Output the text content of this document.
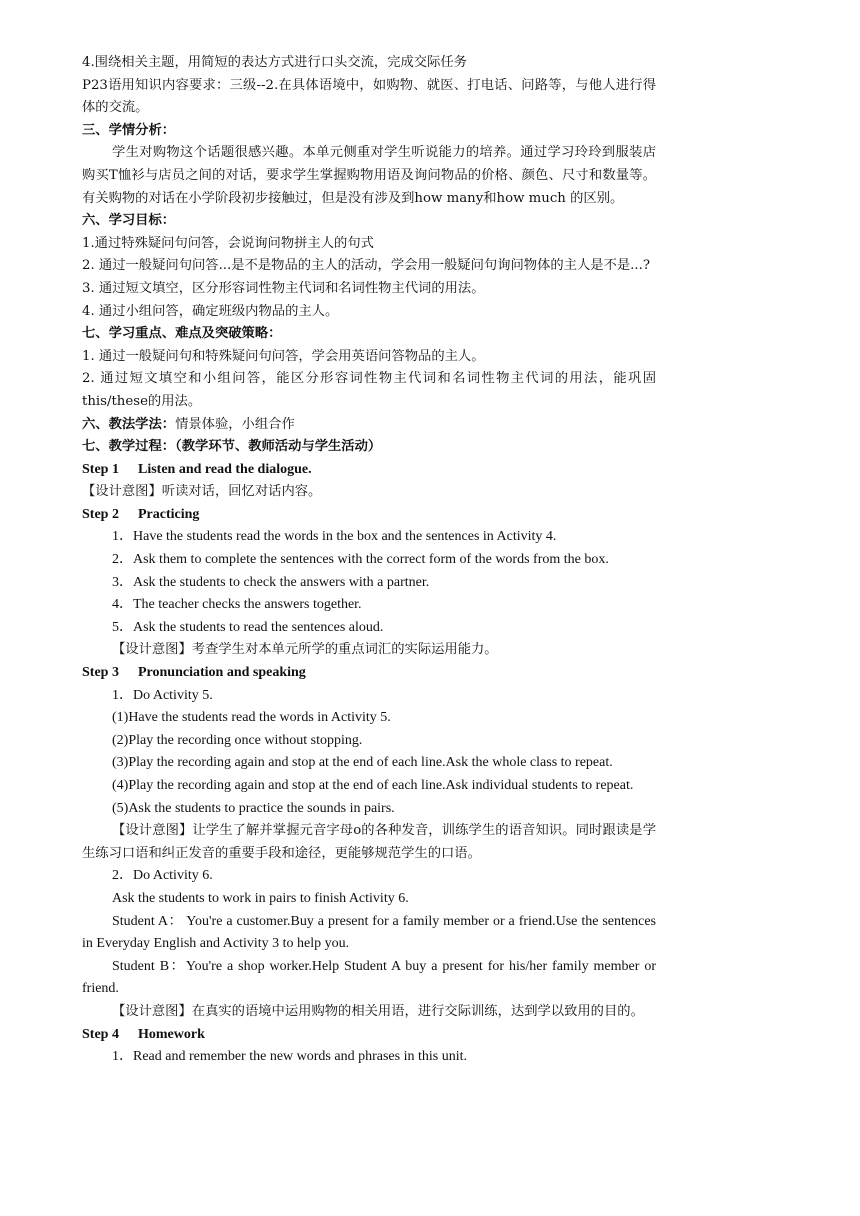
4.围绕相关主题，用简短的表达方式进行口头交流，完成交际任务

P23语用知识内容要求：三级--2.在具体语境中，如购物、就医、打电话、问路等，与他人进行得体的交流。

三、学情分析：

学生对购物这个话题很感兴趣。本单元侧重对学生听说能力的培养。通过学习玲玲到服装店购买T恤衫与店员之间的对话，要求学生掌握购物用语及询问物品的价格、颜色、尺寸和数量等。有关购物的对话在小学阶段初步接触过，但是没有涉及到how many和how much 的区别。

六、学习目标：

1.通过特殊疑问句问答，会说询问物拼主人的句式

2. 通过一般疑问句问答...是不是物品的主人的活动，学会用一般疑问句询问物体的主人是不是...?

3. 通过短文填空，区分形容词性物主代词和名词性物主代词的用法。

4. 通过小组问答，确定班级内物品的主人。

七、学习重点、难点及突破策略：

1. 通过一般疑问句和特殊疑问句问答，学会用英语问答物品的主人。

2. 通过短文填空和小组问答，能区分形容词性物主代词和名词性物主代词的用法，能巩固this/these的用法。

六、教法学法：情景体验，小组合作

七、教学过程：（教学环节、教师活动与学生活动）

Step 1 Listen and read the dialogue.

【设计意图】听读对话，回忆对话内容。

Step 2 Practicing

1．Have the students read the words in the box and the sentences in Activity 4.

2．Ask them to complete the sentences with the correct form of the words from the box.

3．Ask the students to check the answers with a partner.

4．The teacher checks the answers together.

5．Ask the students to read the sentences aloud.

【设计意图】考查学生对本单元所学的重点词汇的实际运用能力。

Step 3 Pronunciation and speaking

1．Do Activity 5.

(1)Have the students read the words in Activity 5.

(2)Play the recording once without stopping.

(3)Play the recording again and stop at the end of each line.Ask the whole class to repeat.

(4)Play the recording again and stop at the end of each line.Ask individual students to repeat.

(5)Ask the students to practice the sounds in pairs.

【设计意图】让学生了解并掌握元音字母o的各种发音，训练学生的语音知识。同时跟读是学生练习口语和纠正发音的重要手段和途径，更能够规范学生的口语。

2．Do Activity 6.

Ask the students to work in pairs to finish Activity 6.

Student A： You're a customer.Buy a present for a family member or a friend.Use the sentences in Everyday English and Activity 3 to help you.

Student B：You're a shop worker.Help Student A buy a present for his/her family member or friend.

【设计意图】在真实的语境中运用购物的相关用语，进行交际训练，达到学以致用的目的。

Step 4 Homework

1．Read and remember the new words and phrases in this unit.
